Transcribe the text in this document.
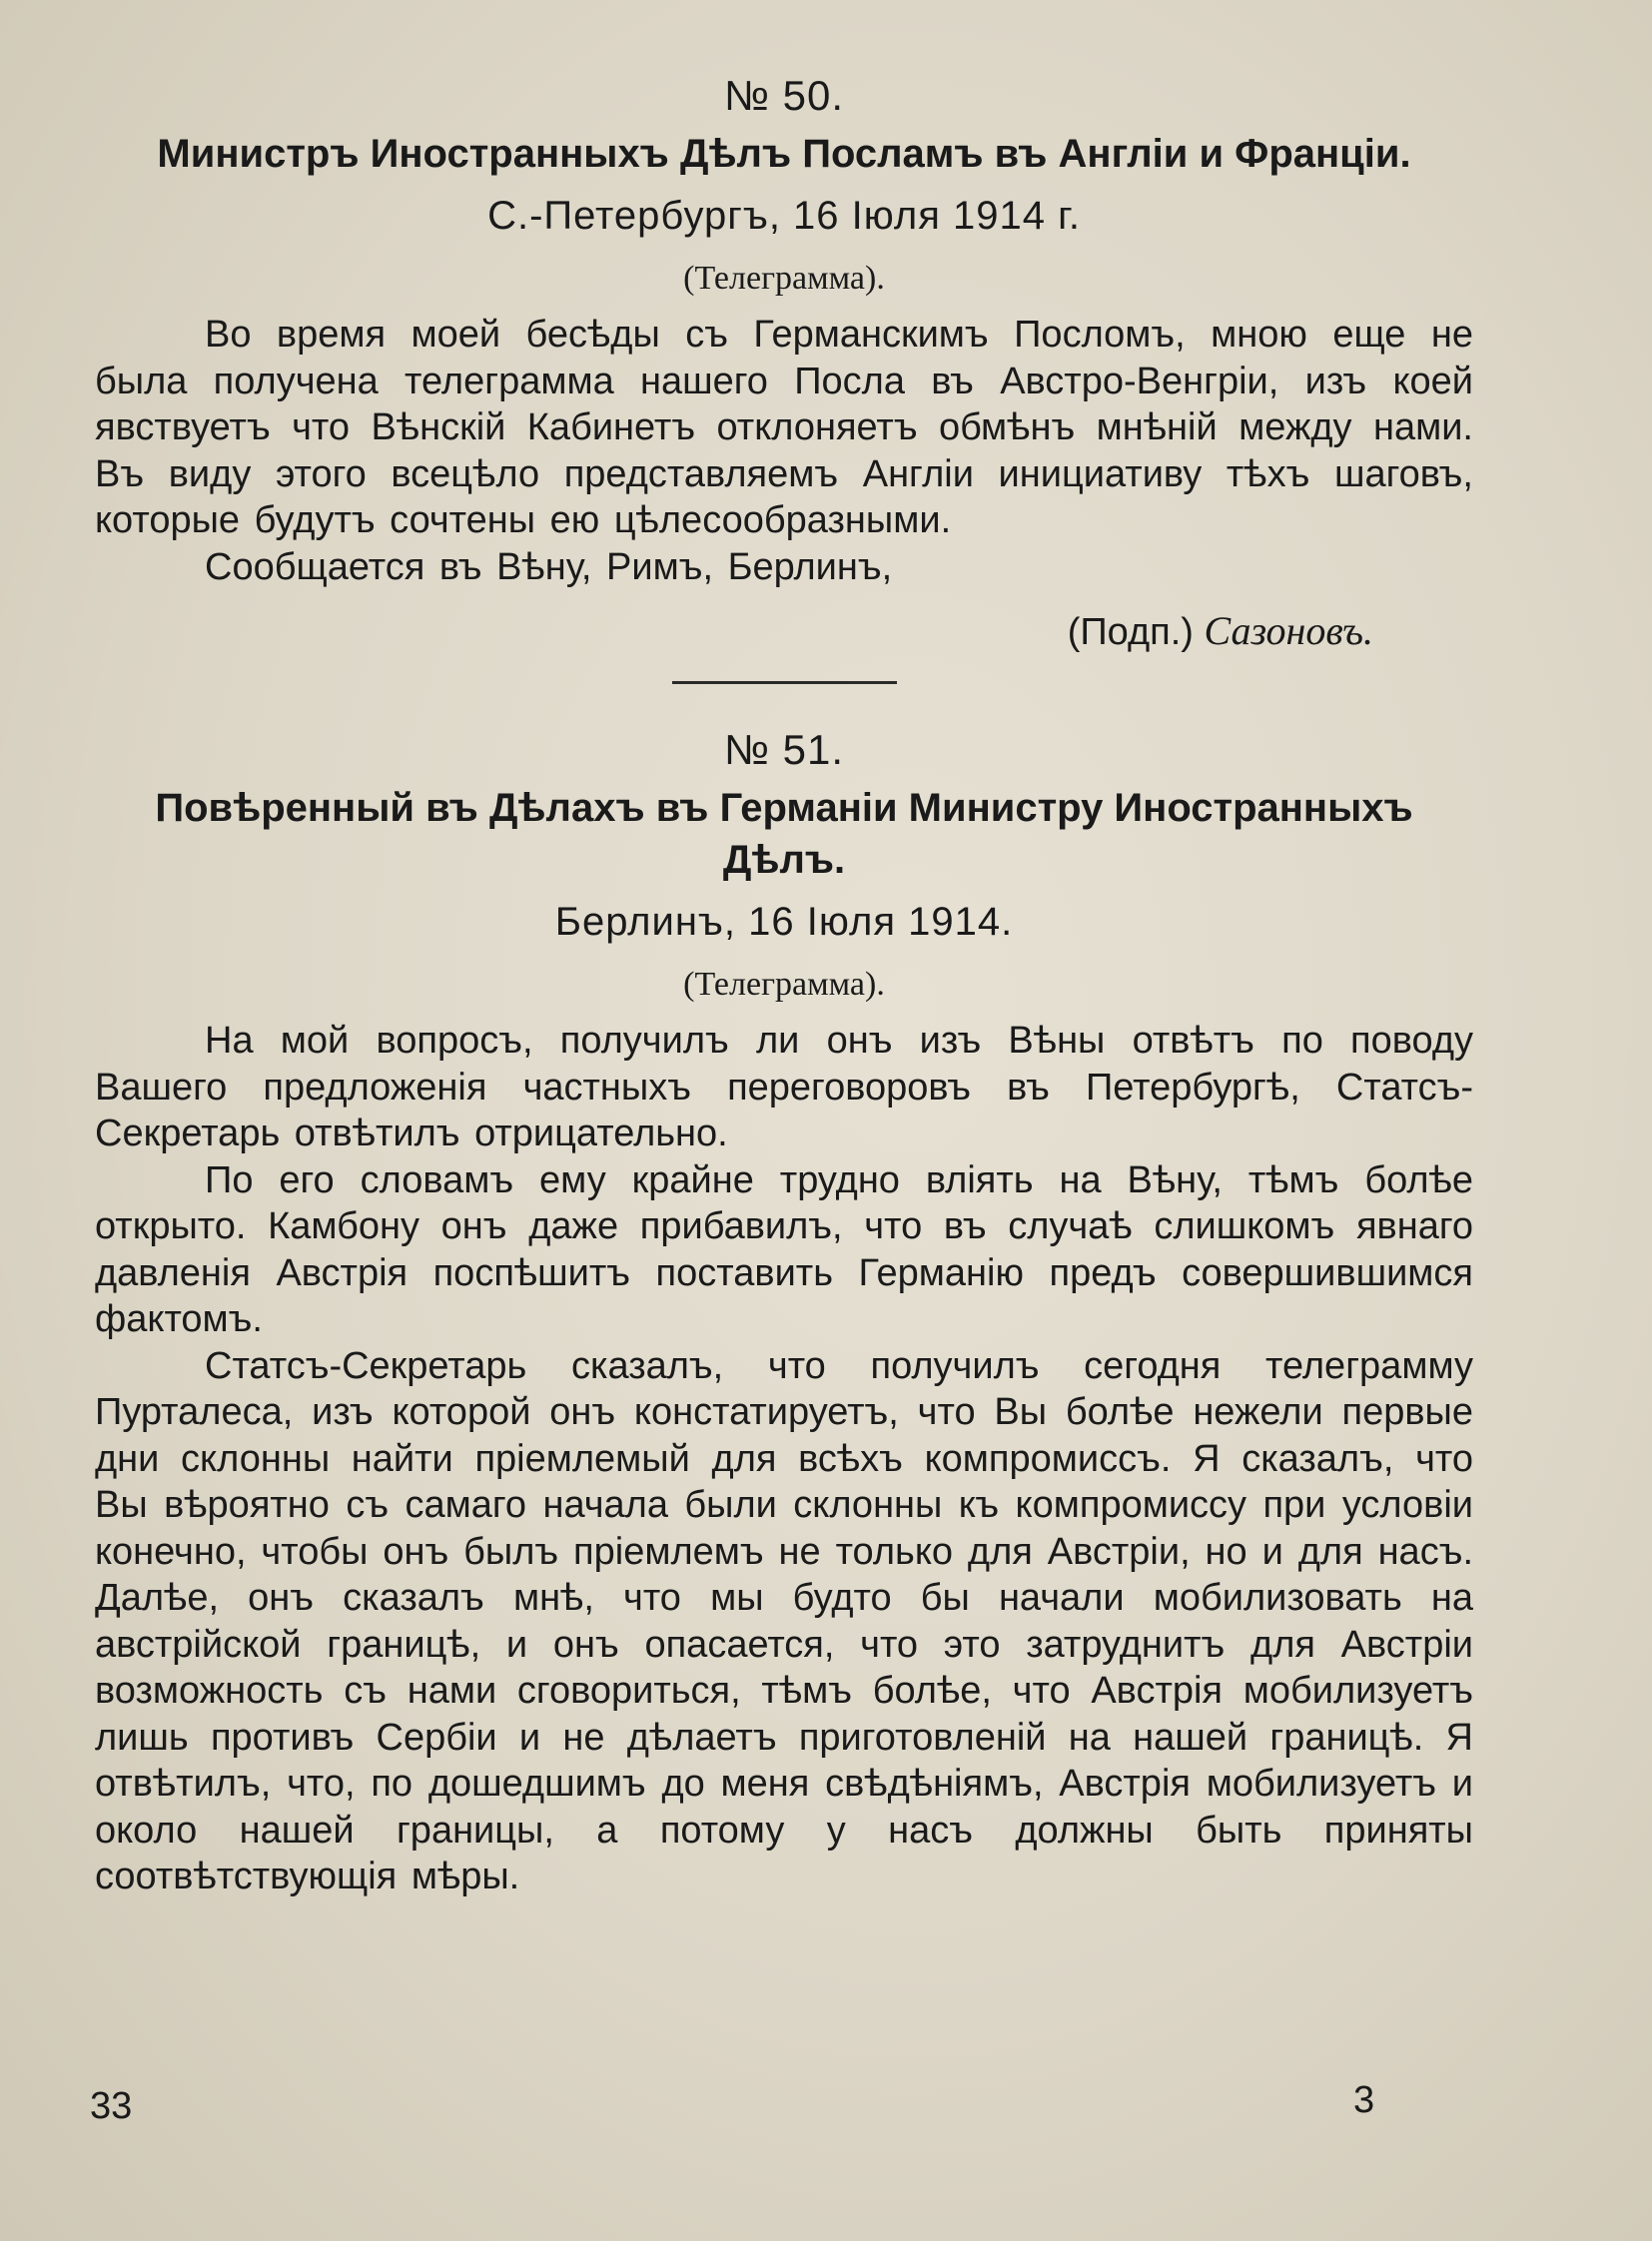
№ 50.

Министръ Иностранныхъ Дѣлъ Посламъ въ Англіи и Франціи.

С.-Петербургъ, 16 Іюля 1914 г.

(Телеграмма).

Во время моей бесѣды съ Германскимъ Посломъ, мною еще не была получена телеграмма нашего Посла въ Австро-Венгріи, изъ коей явствуетъ что Вѣнскій Кабинетъ отклоняетъ обмѣнъ мнѣній между нами. Въ виду этого всецѣло представляемъ Англіи инициативу тѣхъ шаговъ, которые будутъ сочтены ею цѣлесообразными.

Сообщается въ Вѣну, Римъ, Берлинъ,

(Подп.) Сазоновъ.

№ 51.

Повѣренный въ Дѣлахъ въ Германіи Министру Иностранныхъ Дѣлъ.

Берлинъ, 16 Іюля 1914.

(Телеграмма).

На мой вопросъ, получилъ ли онъ изъ Вѣны отвѣтъ по поводу Вашего предложенія частныхъ переговоровъ въ Петербургѣ, Статсъ-Секретарь отвѣтилъ отрицательно.

По его словамъ ему крайне трудно вліять на Вѣну, тѣмъ болѣе открыто. Камбону онъ даже прибавилъ, что въ случаѣ слишкомъ явнаго давленія Австрія поспѣшитъ поставить Германію предъ совершившимся фактомъ.

Статсъ-Секретарь сказалъ, что получилъ сегодня телеграмму Пурталеса, изъ которой онъ констатируетъ, что Вы болѣе нежели первые дни склонны найти пріемлемый для всѣхъ компромиссъ. Я сказалъ, что Вы вѣроятно съ самаго начала были склонны къ компромиссу при условіи конечно, чтобы онъ былъ пріемлемъ не только для Австріи, но и для насъ. Далѣе, онъ сказалъ мнѣ, что мы будто бы начали мобилизовать на австрійской границѣ, и онъ опасается, что это затруднитъ для Австріи возможность съ нами сговориться, тѣмъ болѣе, что Австрія мобилизуетъ лишь противъ Сербіи и не дѣлаетъ приготовленій на нашей границѣ. Я отвѣтилъ, что, по дошедшимъ до меня свѣдѣніямъ, Австрія мобилизуетъ и около нашей границы, а потому у насъ должны быть приняты соотвѣтствующія мѣры.

33	3
